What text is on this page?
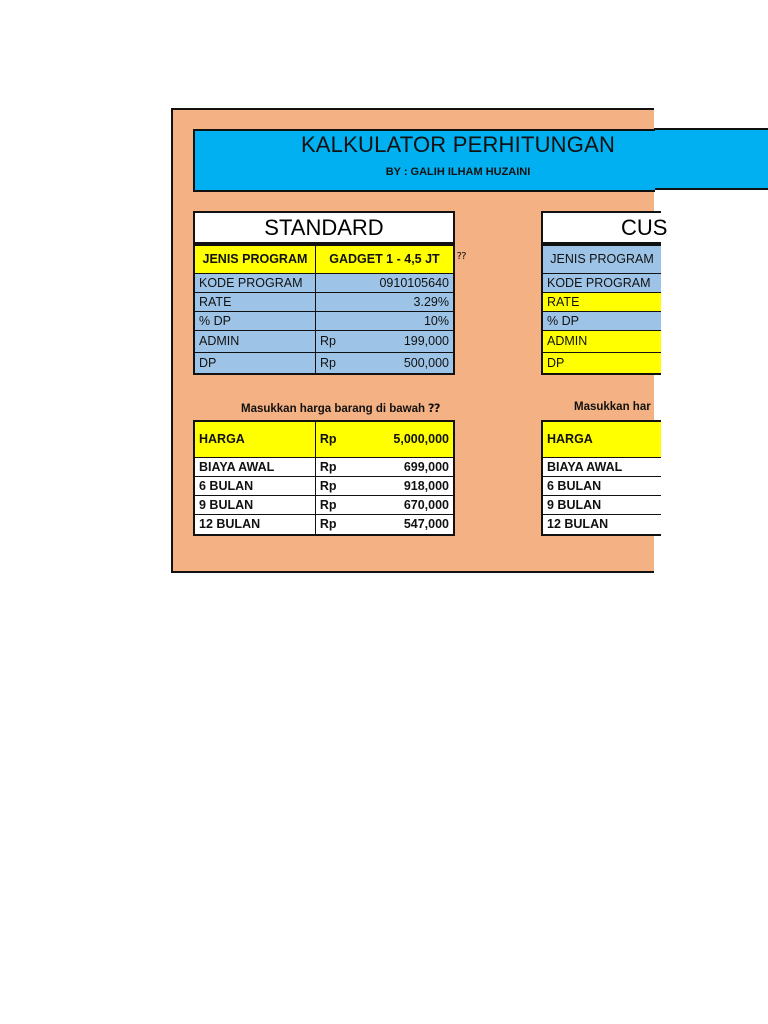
KALKULATOR PERHITUNGAN
BY : GALIH ILHAM HUZAINI
STANDARD
JENIS PROGRAM	GADGET 1 - 4,5 JT
KODE PROGRAM	0910105640
RATE	3.29%
% DP	10%
ADMIN	Rp 199,000

DP	Rp 500,000
⁇
Masukkan harga barang di bawah ⁇
HARGA	Rp 5,000,000

BIAYA AWAL	Rp 699,000

6 BULAN	Rp 918,000

9 BULAN	Rp 670,000

12 BULAN	Rp 547,000
CUS
JENIS PROGRAM
KODE PROGRAM
RATE
% DP
ADMIN
DP
Masukkan har
HARGA
BIAYA AWAL
6 BULAN
9 BULAN
12 BULAN
